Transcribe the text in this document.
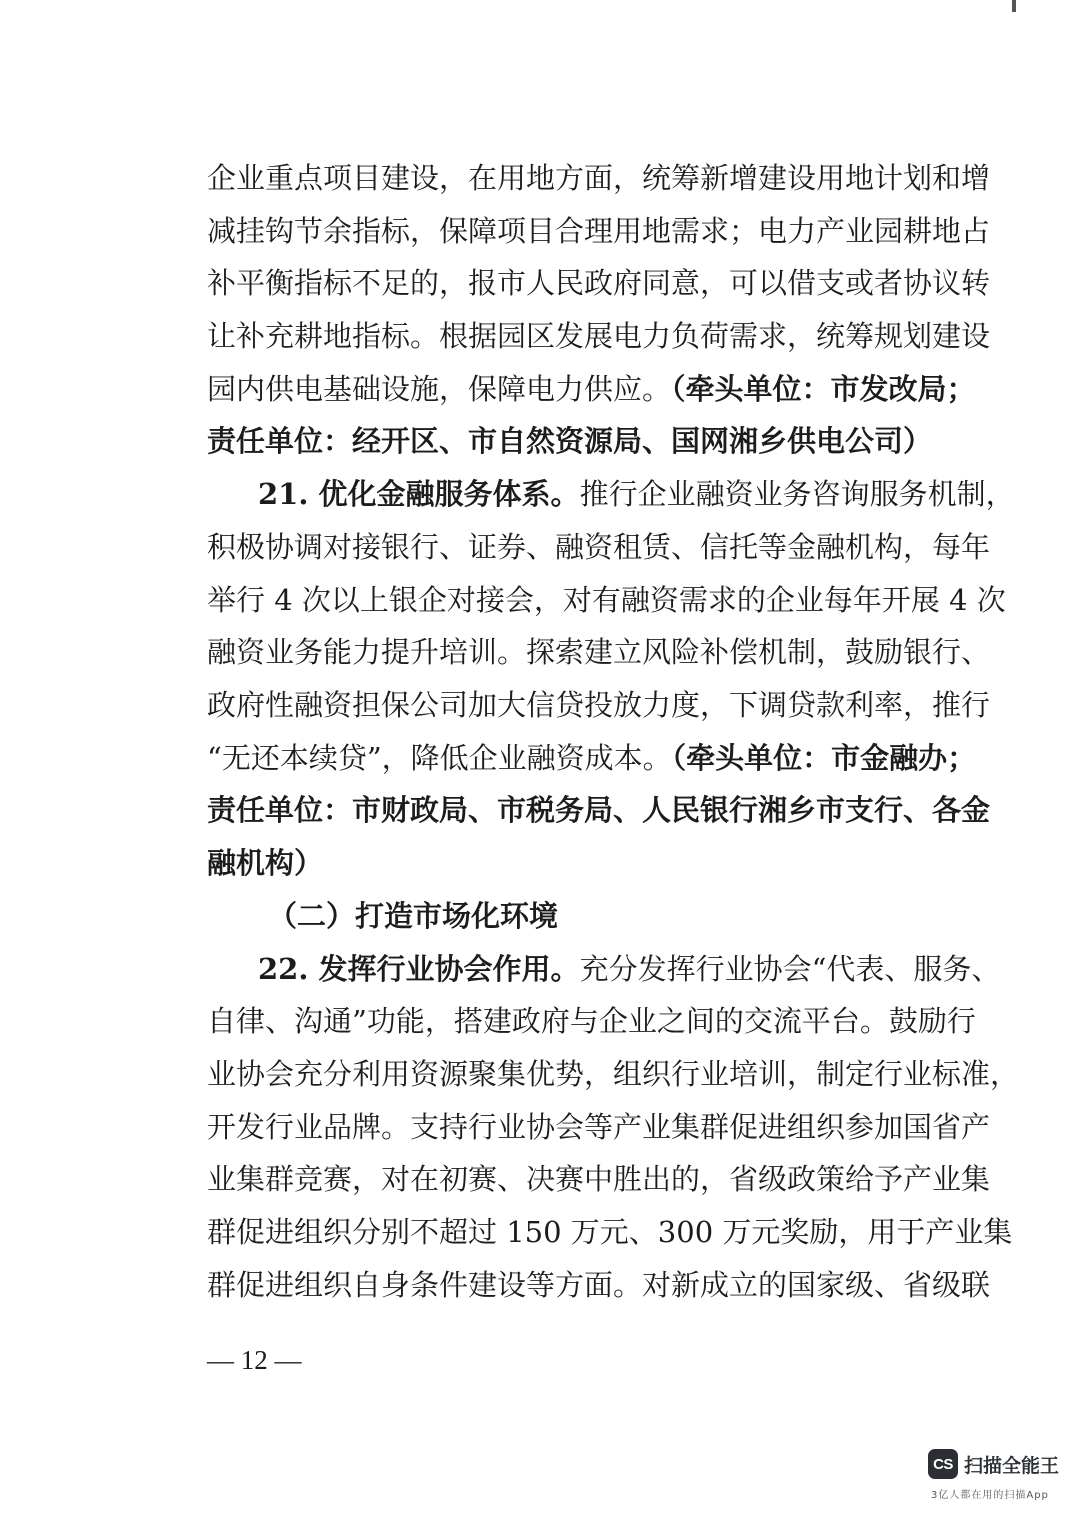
企业重点项目建设，在用地方面，统筹新增建设用地计划和增
减挂钩节余指标，保障项目合理用地需求；电力产业园耕地占
补平衡指标不足的，报市人民政府同意，可以借支或者协议转
让补充耕地指标。根据园区发展电力负荷需求，统筹规划建设
园内供电基础设施，保障电力供应。（牵头单位：市发改局；
责任单位：经开区、市自然资源局、国网湘乡供电公司）
21. 优化金融服务体系。推行企业融资业务咨询服务机制，
积极协调对接银行、证券、融资租赁、信托等金融机构，每年
举行 4 次以上银企对接会，对有融资需求的企业每年开展 4 次
融资业务能力提升培训。探索建立风险补偿机制，鼓励银行、
政府性融资担保公司加大信贷投放力度，下调贷款利率，推行
“无还本续贷”，降低企业融资成本。（牵头单位：市金融办；
责任单位：市财政局、市税务局、人民银行湘乡市支行、各金
融机构）
（二）打造市场化环境
22. 发挥行业协会作用。充分发挥行业协会“代表、服务、
自律、沟通”功能，搭建政府与企业之间的交流平台。鼓励行
业协会充分利用资源聚集优势，组织行业培训，制定行业标准，
开发行业品牌。支持行业协会等产业集群促进组织参加国省产
业集群竞赛，对在初赛、决赛中胜出的，省级政策给予产业集
群促进组织分别不超过 150 万元、300 万元奖励，用于产业集
群促进组织自身条件建设等方面。对新成立的国家级、省级联
— 12 —
CS 扫描全能王
3亿人都在用的扫描App
